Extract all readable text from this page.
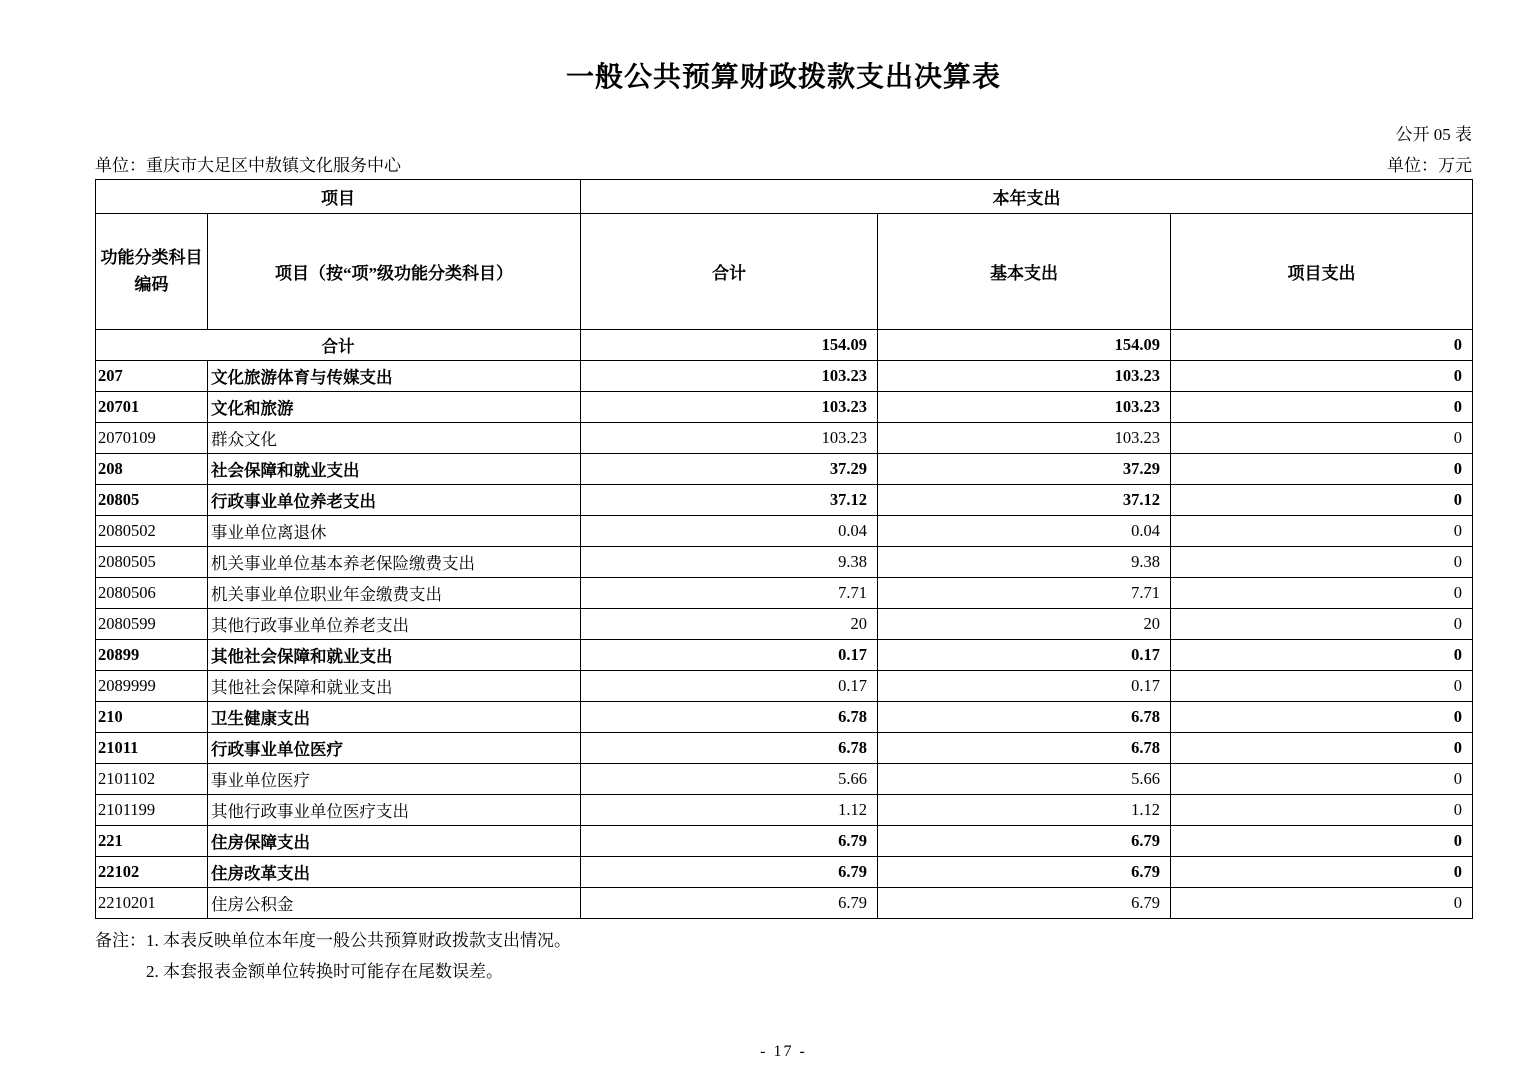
一般公共预算财政拨款支出决算表
公开 05 表
单位：重庆市大足区中敖镇文化服务中心	单位：万元
项目		本年支出		

功能分类科目
编码	项目（按“项”级功能分类科目）	合计	基本支出	项目支出
合计		154.09	154.09	0
207	文化旅游体育与传媒支出	103.23	103.23	0
20701	文化和旅游	103.23	103.23	0
2070109	群众文化	103.23	103.23	0
208	社会保障和就业支出	37.29	37.29	0
20805	行政事业单位养老支出	37.12	37.12	0
2080502	事业单位离退休	0.04	0.04	0
2080505	机关事业单位基本养老保险缴费支出	9.38	9.38	0
2080506	机关事业单位职业年金缴费支出	7.71	7.71	0
2080599	其他行政事业单位养老支出	20	20	0
20899	其他社会保障和就业支出	0.17	0.17	0
2089999	其他社会保障和就业支出	0.17	0.17	0
210	卫生健康支出	6.78	6.78	0
21011	行政事业单位医疗	6.78	6.78	0
2101102	事业单位医疗	5.66	5.66	0
2101199	其他行政事业单位医疗支出	1.12	1.12	0
221	住房保障支出	6.79	6.79	0
22102	住房改革支出	6.79	6.79	0
2210201	住房公积金	6.79	6.79	0
备注：1. 本表反映单位本年度一般公共预算财政拨款支出情况。
2. 本套报表金额单位转换时可能存在尾数误差。
- 17 -
